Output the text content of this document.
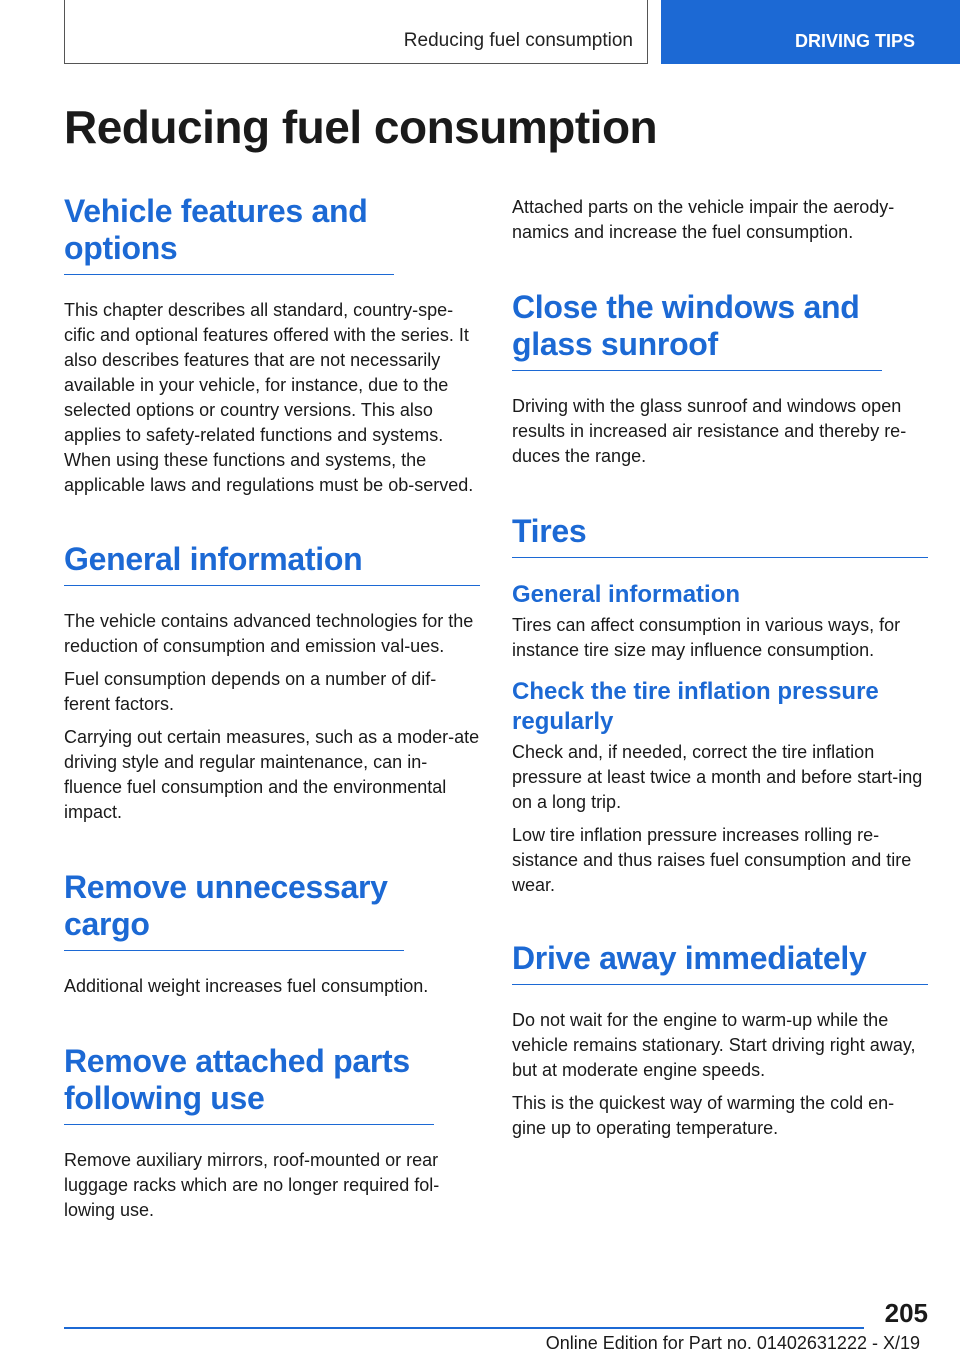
Reducing fuel consumption	DRIVING TIPS
Reducing fuel consumption
Vehicle features and options

This chapter describes all standard, country-spe-cific and optional features offered with the series. It also describes features that are not necessarily available in your vehicle, for instance, due to the selected options or country versions. This also applies to safety-related functions and systems. When using these functions and systems, the applicable laws and regulations must be ob-served.

General information

The vehicle contains advanced technologies for the reduction of consumption and emission val-ues.

Fuel consumption depends on a number of dif-ferent factors.

Carrying out certain measures, such as a moder-ate driving style and regular maintenance, can in-fluence fuel consumption and the environmental impact.

Remove unnecessary cargo

Additional weight increases fuel consumption.

Remove attached parts following use

Remove auxiliary mirrors, roof-mounted or rear luggage racks which are no longer required fol-lowing use.

Attached parts on the vehicle impair the aerody-namics and increase the fuel consumption.

Close the windows and glass sunroof

Driving with the glass sunroof and windows open results in increased air resistance and thereby re-duces the range.

Tires
General information

Tires can affect consumption in various ways, for instance tire size may influence consumption.

Check the tire inflation pressure regularly

Check and, if needed, correct the tire inflation pressure at least twice a month and before start-ing on a long trip.

Low tire inflation pressure increases rolling re-sistance and thus raises fuel consumption and tire wear.

Drive away immediately

Do not wait for the engine to warm-up while the vehicle remains stationary. Start driving right away, but at moderate engine speeds.

This is the quickest way of warming the cold en-gine up to operating temperature.

205
Online Edition for Part no. 01402631222 - X/19
